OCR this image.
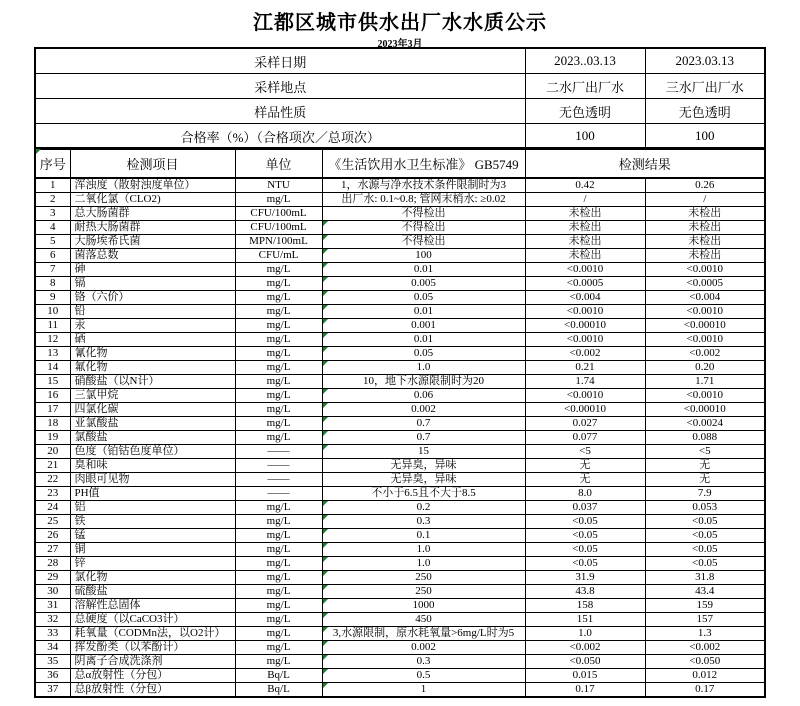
江都区城市供水出厂水水质公示
2023年3月
采样日期	2023..03.13	2023.03.13
采样地点	二水厂出厂水	三水厂出厂水
样品性质	无色透明	无色透明
合格率（%）（合格项次／总项次）	100	100
序号	检测项目	单位	《生活饮用水卫生标准》 GB5749	检测结果	
1	浑浊度（散射浊度单位）	NTU	1，水源与净水技术条件限制时为3	0.42	0.26
2	二氧化氯（CLO2)	mg/L	出厂水: 0.1~0.8; 管网末梢水: ≥0.02	/	/
3	总大肠菌群	CFU/100mL	不得检出	未检出	未检出
4	耐热大肠菌群	CFU/100mL	不得检出	未检出	未检出
5	大肠埃希氏菌	MPN/100mL	不得检出	未检出	未检出
6	菌落总数	CFU/mL	100	未检出	未检出
7	砷	mg/L	0.01	<0.0010	<0.0010
8	镉	mg/L	0.005	<0.0005	<0.0005
9	铬（六价）	mg/L	0.05	<0.004	<0.004
10	铅	mg/L	0.01	<0.0010	<0.0010
11	汞	mg/L	0.001	<0.00010	<0.00010
12	硒	mg/L	0.01	<0.0010	<0.0010
13	氰化物	mg/L	0.05	<0.002	<0.002
14	氟化物	mg/L	1.0	0.21	0.20
15	硝酸盐（以N计）	mg/L	10，地下水源限制时为20	1.74	1.71
16	三氯甲烷	mg/L	0.06	<0.0010	<0.0010
17	四氯化碳	mg/L	0.002	<0.00010	<0.00010
18	亚氯酸盐	mg/L	0.7	0.027	<0.0024
19	氯酸盐	mg/L	0.7	0.077	0.088
20	色度（铂钴色度单位）	——	15	<5	<5
21	臭和味	——	无异臭，异味	无	无
22	肉眼可见物	——	无异臭，异味	无	无
23	PH值	——	不小于6.5且不大于8.5	8.0	7.9
24	铝	mg/L	0.2	0.037	0.053
25	铁	mg/L	0.3	<0.05	<0.05
26	锰	mg/L	0.1	<0.05	<0.05
27	铜	mg/L	1.0	<0.05	<0.05
28	锌	mg/L	1.0	<0.05	<0.05
29	氯化物	mg/L	250	31.9	31.8
30	硫酸盐	mg/L	250	43.8	43.4
31	溶解性总固体	mg/L	1000	158	159
32	总硬度（以CaCO3计）	mg/L	450	151	157
33	耗氧量（CODMn法，以O2计）	mg/L	3,水源限制，原水耗氧量>6mg/L时为5	1.0	1.3
34	挥发酚类（以苯酚计）	mg/L	0.002	<0.002	<0.002
35	阴离子合成洗涤剂	mg/L	0.3	<0.050	<0.050
36	总α放射性（分包）	Bq/L	0.5	0.015	0.012
37	总β放射性（分包）	Bq/L	1	0.17	0.17
